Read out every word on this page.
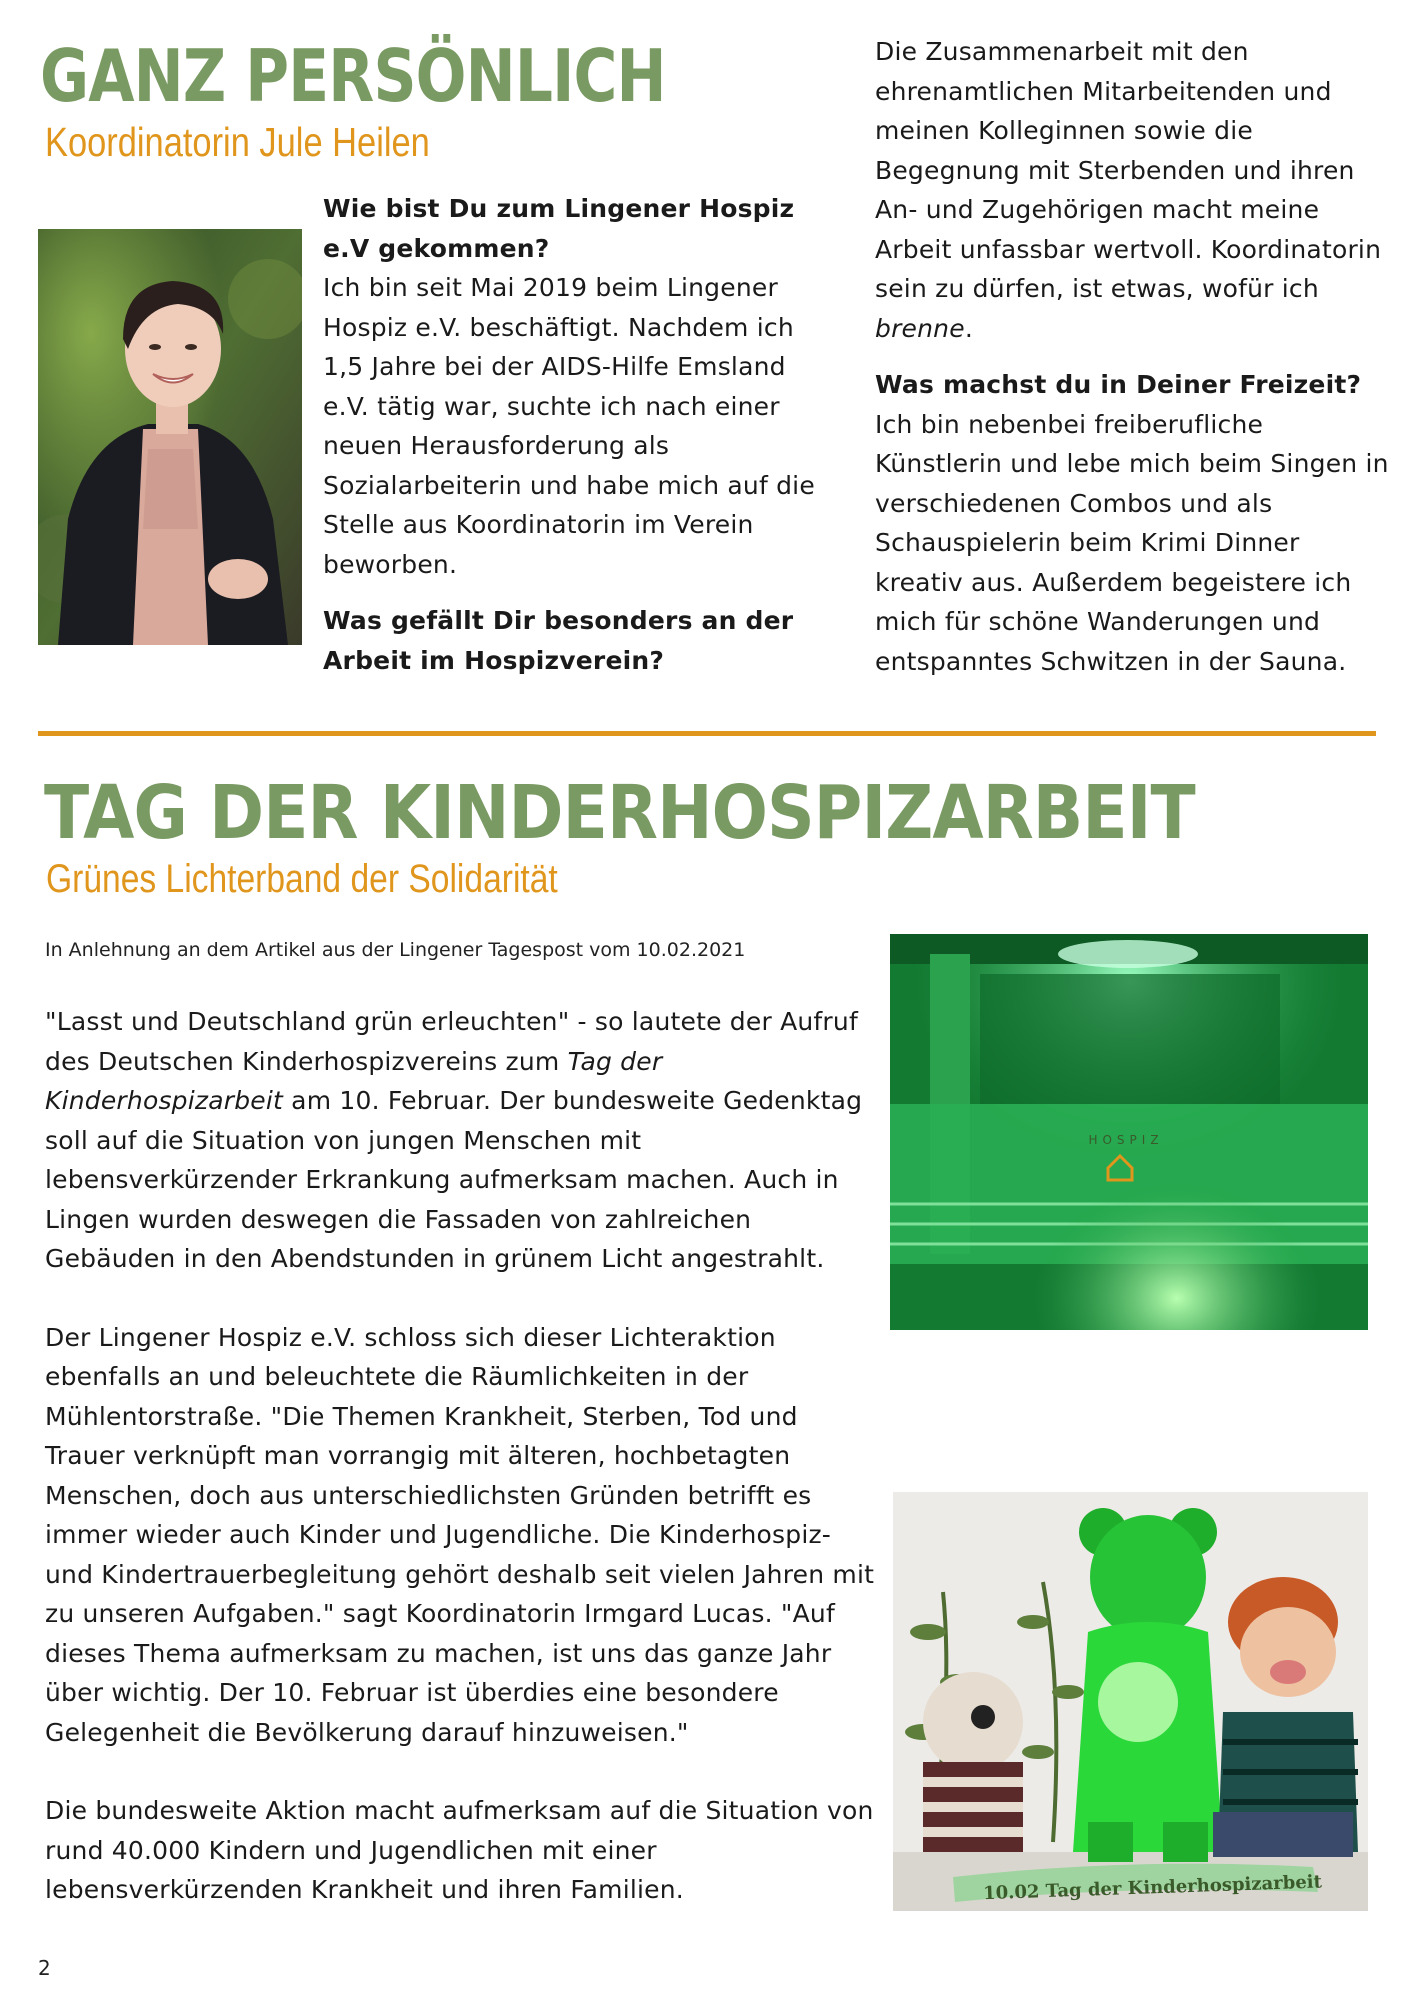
GANZ PERSÖNLICH
Koordinatorin Jule Heilen

Wie bist Du zum Lingener Hospiz e.V gekommen?

Ich bin seit Mai 2019 beim Lingener Hospiz e.V. beschäftigt. Nachdem ich 1,5 Jahre bei der AIDS-Hilfe Emsland e.V. tätig war, suchte ich nach einer neuen Herausforderung als Sozialarbeiterin und habe mich auf die Stelle aus Koordinatorin im Verein beworben.

Was gefällt Dir besonders an der Arbeit im Hospizverein?

Die Zusammenarbeit mit den ehrenamtlichen Mitarbeitenden und meinen Kolleginnen sowie die Begegnung mit Sterbenden und ihren An- und Zugehörigen macht meine Arbeit unfassbar wertvoll. Koordinatorin sein zu dürfen, ist etwas, wofür ich brenne.

Was machst du in Deiner Freizeit?

Ich bin nebenbei freiberufliche Künstlerin und lebe mich beim Singen in verschiedenen Combos und als Schauspielerin beim Krimi Dinner kreativ aus. Außerdem begeistere ich mich für schöne Wanderungen und entspanntes Schwitzen in der Sauna.

TAG DER KINDERHOSPIZARBEIT
Grünes Lichterband der Solidarität
In Anlehnung an dem Artikel aus der Lingener Tagespost vom 10.02.2021

"Lasst und Deutschland grün erleuchten" - so lautete der Aufruf des Deutschen Kinderhospizvereins zum Tag der Kinderhospizarbeit am 10. Februar. Der bundesweite Gedenktag soll auf die Situation von jungen Menschen mit lebensverkürzender Erkrankung aufmerksam machen. Auch in Lingen wurden deswegen die Fassaden von zahlreichen Gebäuden in den Abendstunden in grünem Licht angestrahlt.

Der Lingener Hospiz e.V. schloss sich dieser Lichteraktion ebenfalls an und beleuchtete die Räumlichkeiten in der Mühlentorstraße. "Die Themen Krankheit, Sterben, Tod und Trauer verknüpft man vorrangig mit älteren, hochbetagten Menschen, doch aus unterschiedlichsten Gründen betrifft es immer wieder auch Kinder und Jugendliche. Die Kinderhospiz- und Kindertrauerbegleitung gehört deshalb seit vielen Jahren mit zu unseren Aufgaben." sagt Koordinatorin Irmgard Lucas. "Auf dieses Thema aufmerksam zu machen, ist uns das ganze Jahr über wichtig. Der 10. Februar ist überdies eine besondere Gelegenheit die Bevölkerung darauf hinzuweisen."

Die bundesweite Aktion macht aufmerksam auf die Situation von rund 40.000 Kindern und Jugendlichen mit einer lebensverkürzenden Krankheit und ihren Familien.

HOSPIZ
10.02 Tag der Kinderhospizarbeit
2
